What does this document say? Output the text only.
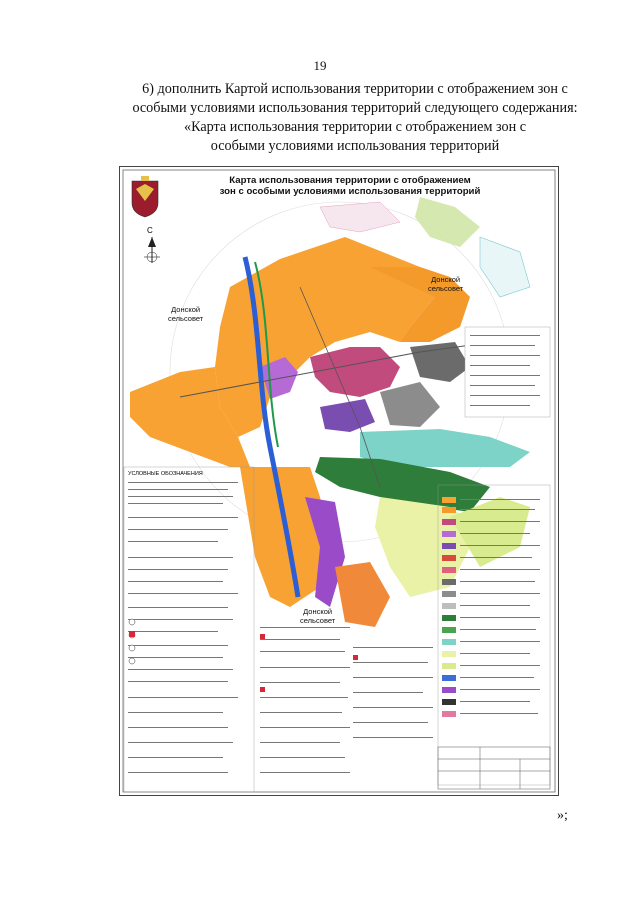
19
6) дополнить Картой использования территории с отображением зон с особыми условиями использования территорий следующего содержания:
«Карта использования территории с отображением зон с особыми условиями использования территорий
С
УСЛОВНЫЕ ОБОЗНАЧЕНИЯ
Карта использования территории с отображением
зон с особыми условиями использования территорий
Донской
сельсовет
Донской
сельсовет
Донской
сельсовет
»;
